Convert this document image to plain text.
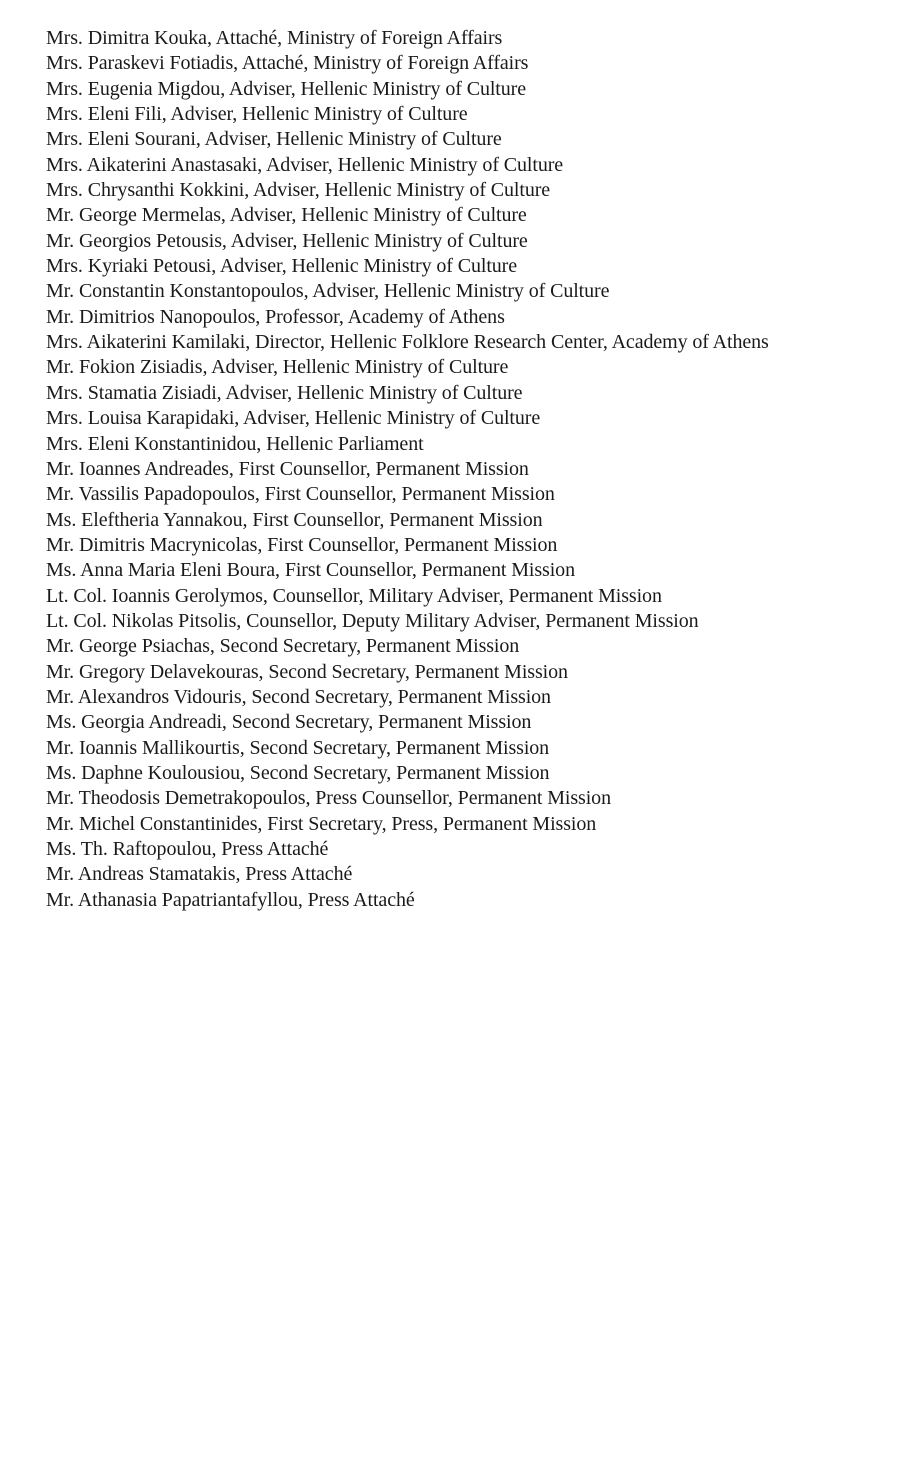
Mrs. Dimitra Kouka, Attaché, Ministry of Foreign Affairs
Mrs. Paraskevi Fotiadis, Attaché, Ministry of Foreign Affairs
Mrs. Eugenia Migdou, Adviser, Hellenic Ministry of Culture
Mrs. Eleni Fili, Adviser, Hellenic Ministry of Culture
Mrs. Eleni Sourani, Adviser, Hellenic Ministry of Culture
Mrs. Aikaterini Anastasaki, Adviser, Hellenic Ministry of Culture
Mrs. Chrysanthi Kokkini, Adviser, Hellenic Ministry of Culture
Mr. George Mermelas, Adviser, Hellenic Ministry of Culture
Mr. Georgios Petousis, Adviser, Hellenic Ministry of Culture
Mrs. Kyriaki Petousi, Adviser, Hellenic Ministry of Culture
Mr. Constantin Konstantopoulos, Adviser, Hellenic Ministry of Culture
Mr. Dimitrios Nanopoulos, Professor, Academy of Athens
Mrs. Aikaterini Kamilaki, Director, Hellenic Folklore Research Center, Academy of Athens
Mr. Fokion Zisiadis, Adviser, Hellenic Ministry of Culture
Mrs. Stamatia Zisiadi, Adviser, Hellenic Ministry of Culture
Mrs. Louisa Karapidaki, Adviser, Hellenic Ministry of Culture
Mrs. Eleni Konstantinidou, Hellenic Parliament
Mr. Ioannes Andreades, First Counsellor, Permanent Mission
Mr. Vassilis Papadopoulos, First Counsellor, Permanent Mission
Ms. Eleftheria Yannakou, First Counsellor, Permanent Mission
Mr. Dimitris Macrynicolas, First Counsellor, Permanent Mission
Ms. Anna Maria Eleni Boura, First Counsellor, Permanent Mission
Lt. Col. Ioannis Gerolymos, Counsellor, Military Adviser, Permanent Mission
Lt. Col. Nikolas Pitsolis, Counsellor, Deputy Military Adviser, Permanent Mission
Mr. George Psiachas, Second Secretary, Permanent Mission
Mr. Gregory Delavekouras, Second Secretary, Permanent Mission
Mr. Alexandros Vidouris, Second Secretary, Permanent Mission
Ms. Georgia Andreadi, Second Secretary, Permanent Mission
Mr. Ioannis Mallikourtis, Second Secretary, Permanent Mission
Ms. Daphne Koulousiou, Second Secretary, Permanent Mission
Mr. Theodosis Demetrakopoulos, Press Counsellor, Permanent Mission
Mr. Michel Constantinides, First Secretary, Press, Permanent Mission
Ms. Th. Raftopoulou, Press Attaché
Mr. Andreas Stamatakis, Press Attaché
Mr. Athanasia Papatriantafyllou, Press Attaché
